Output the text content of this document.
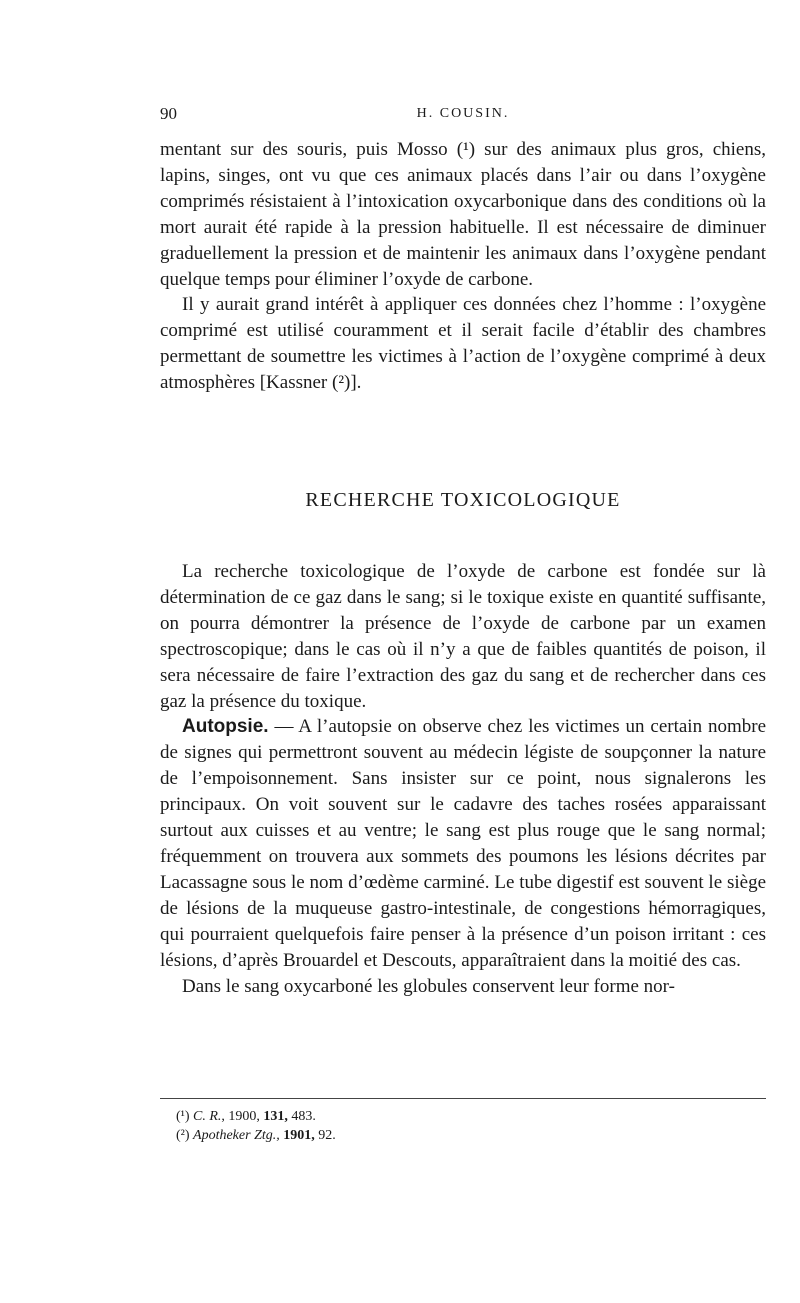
90	H. COUSIN.

mentant sur des souris, puis Mosso (¹) sur des animaux plus gros, chiens, lapins, singes, ont vu que ces animaux placés dans l’air ou dans l’oxygène comprimés résistaient à l’intoxication oxycarbonique dans des conditions où la mort aurait été rapide à la pression habituelle. Il est nécessaire de diminuer graduellement la pression et de maintenir les animaux dans l’oxygène pendant quelque temps pour éliminer l’oxyde de carbone.

Il y aurait grand intérêt à appliquer ces données chez l’homme : l’oxygène comprimé est utilisé couramment et il serait facile d’établir des chambres permettant de soumettre les victimes à l’action de l’oxygène comprimé à deux atmosphères [Kassner (²)].

RECHERCHE TOXICOLOGIQUE

La recherche toxicologique de l’oxyde de carbone est fondée sur là détermination de ce gaz dans le sang; si le toxique existe en quantité suffisante, on pourra démontrer la présence de l’oxyde de carbone par un examen spectroscopique; dans le cas où il n’y a que de faibles quantités de poison, il sera nécessaire de faire l’extraction des gaz du sang et de rechercher dans ces gaz la présence du toxique.

Autopsie. — A l’autopsie on observe chez les victimes un certain nombre de signes qui permettront souvent au médecin légiste de soupçonner la nature de l’empoisonnement. Sans insister sur ce point, nous signalerons les principaux. On voit souvent sur le cadavre des taches rosées apparaissant surtout aux cuisses et au ventre; le sang est plus rouge que le sang normal; fréquemment on trouvera aux sommets des poumons les lésions décrites par Lacassagne sous le nom d’œdème carminé. Le tube digestif est souvent le siège de lésions de la muqueuse gastro-intestinale, de congestions hémorragiques, qui pourraient quelquefois faire penser à la présence d’un poison irritant : ces lésions, d’après Brouardel et Descouts, apparaîtraient dans la moitié des cas.

Dans le sang oxycarboné les globules conservent leur forme nor-

(¹) C. R., 1900, 131, 483.

(²) Apotheker Ztg., 1901, 92.
